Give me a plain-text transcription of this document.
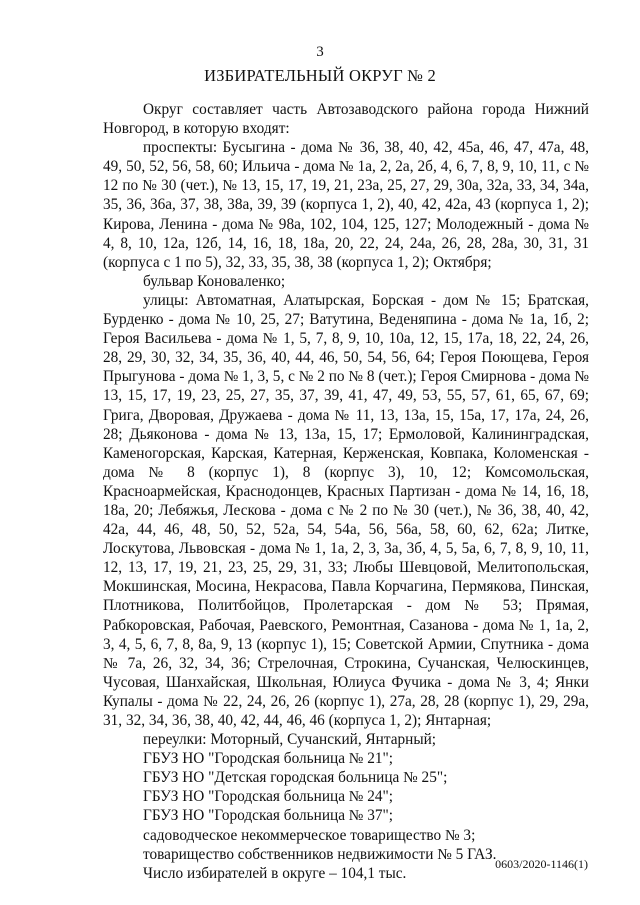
3
ИЗБИРАТЕЛЬНЫЙ ОКРУГ № 2

Округ составляет часть Автозаводского района города Нижний Новгород, в которую входят:

проспекты: Бусыгина - дома № 36, 38, 40, 42, 45а, 46, 47, 47а, 48, 49, 50, 52, 56, 58, 60; Ильича - дома № 1а, 2, 2а, 2б, 4, 6, 7, 8, 9, 10, 11, с № 12 по № 30 (чет.), № 13, 15, 17, 19, 21, 23а, 25, 27, 29, 30а, 32а, 33, 34, 34а, 35, 36, 36а, 37, 38, 38а, 39, 39 (корпуса 1, 2), 40, 42, 42а, 43 (корпуса 1, 2); Кирова, Ленина - дома № 98а, 102, 104, 125, 127; Молодежный - дома № 4, 8, 10, 12а, 12б, 14, 16, 18, 18а, 20, 22, 24, 24а, 26, 28, 28а, 30, 31, 31 (корпуса с 1 по 5), 32, 33, 35, 38, 38 (корпуса 1, 2); Октября;

бульвар Коноваленко;

улицы: Автоматная, Алатырская, Борская - дом № 15; Братская, Бурденко - дома № 10, 25, 27; Ватутина, Веденяпина - дома № 1а, 1б, 2; Героя Васильева - дома № 1, 5, 7, 8, 9, 10, 10а, 12, 15, 17а, 18, 22, 24, 26, 28, 29, 30, 32, 34, 35, 36, 40, 44, 46, 50, 54, 56, 64; Героя Поющева, Героя Прыгунова - дома № 1, 3, 5, с № 2 по № 8 (чет.); Героя Смирнова - дома № 13, 15, 17, 19, 23, 25, 27, 35, 37, 39, 41, 47, 49, 53, 55, 57, 61, 65, 67, 69; Грига, Дворовая, Дружаева - дома № 11, 13, 13а, 15, 15а, 17, 17а, 24, 26, 28; Дьяконова - дома № 13, 13а, 15, 17; Ермоловой, Калининградская, Каменогорская, Карская, Катерная, Керженская, Ковпака, Коломенская - дома № 8 (корпус 1), 8 (корпус 3), 10, 12; Комсомольская, Красноармейская, Краснодонцев, Красных Партизан - дома № 14, 16, 18, 18а, 20; Лебяжья, Лескова - дома с № 2 по № 30 (чет.), № 36, 38, 40, 42, 42а, 44, 46, 48, 50, 52, 52а, 54, 54а, 56, 56а, 58, 60, 62, 62а; Литке, Лоскутова, Львовская - дома № 1, 1а, 2, 3, 3а, 3б, 4, 5, 5а, 6, 7, 8, 9, 10, 11, 12, 13, 17, 19, 21, 23, 25, 29, 31, 33; Любы Шевцовой, Мелитопольская, Мокшинская, Мосина, Некрасова, Павла Корчагина, Пермякова, Пинская, Плотникова, Политбойцов, Пролетарская - дом № 53; Прямая, Рабкоровская, Рабочая, Раевского, Ремонтная, Сазанова - дома № 1, 1а, 2, 3, 4, 5, 6, 7, 8, 8а, 9, 13 (корпус 1), 15; Советской Армии, Спутника - дома № 7а, 26, 32, 34, 36; Стрелочная, Строкина, Сучанская, Челюскинцев, Чусовая, Шанхайская, Школьная, Юлиуса Фучика - дома № 3, 4; Янки Купалы - дома № 22, 24, 26, 26 (корпус 1), 27а, 28, 28 (корпус 1), 29, 29а, 31, 32, 34, 36, 38, 40, 42, 44, 46, 46 (корпуса 1, 2); Янтарная;

переулки: Моторный, Сучанский, Янтарный;

ГБУЗ НО "Городская больница № 21";

ГБУЗ НО "Детская городская больница № 25";

ГБУЗ НО "Городская больница № 24";

ГБУЗ НО "Городская больница № 37";

садоводческое некоммерческое товарищество № 3;

товарищество собственников недвижимости № 5 ГАЗ.

Число избирателей в округе – 104,1 тыс.

0603/2020-1146(1)
